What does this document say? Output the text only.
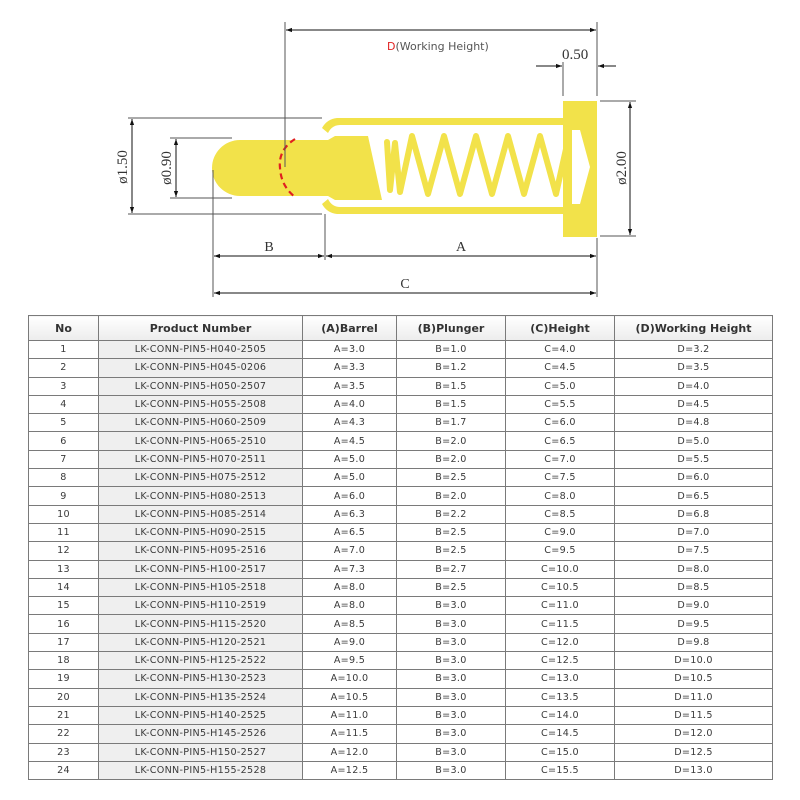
D(Working Height)
0.50
ø1.50 ø0.90	ø2.00
B	A
C
No	Product Number	(A)Barrel	(B)Plunger	(C)Height	(D)Working Height
1	LK-CONN-PIN5-H040-2505	A=3.0	B=1.0	C=4.0	D=3.2
2	LK-CONN-PIN5-H045-0206	A=3.3	B=1.2	C=4.5	D=3.5
3	LK-CONN-PIN5-H050-2507	A=3.5	B=1.5	C=5.0	D=4.0
4	LK-CONN-PIN5-H055-2508	A=4.0	B=1.5	C=5.5	D=4.5
5	LK-CONN-PIN5-H060-2509	A=4.3	B=1.7	C=6.0	D=4.8
6	LK-CONN-PIN5-H065-2510	A=4.5	B=2.0	C=6.5	D=5.0
7	LK-CONN-PIN5-H070-2511	A=5.0	B=2.0	C=7.0	D=5.5
8	LK-CONN-PIN5-H075-2512	A=5.0	B=2.5	C=7.5	D=6.0
9	LK-CONN-PIN5-H080-2513	A=6.0	B=2.0	C=8.0	D=6.5
10	LK-CONN-PIN5-H085-2514	A=6.3	B=2.2	C=8.5	D=6.8
11	LK-CONN-PIN5-H090-2515	A=6.5	B=2.5	C=9.0	D=7.0
12	LK-CONN-PIN5-H095-2516	A=7.0	B=2.5	C=9.5	D=7.5
13	LK-CONN-PIN5-H100-2517	A=7.3	B=2.7	C=10.0	D=8.0
14	LK-CONN-PIN5-H105-2518	A=8.0	B=2.5	C=10.5	D=8.5
15	LK-CONN-PIN5-H110-2519	A=8.0	B=3.0	C=11.0	D=9.0
16	LK-CONN-PIN5-H115-2520	A=8.5	B=3.0	C=11.5	D=9.5
17	LK-CONN-PIN5-H120-2521	A=9.0	B=3.0	C=12.0	D=9.8
18	LK-CONN-PIN5-H125-2522	A=9.5	B=3.0	C=12.5	D=10.0
19	LK-CONN-PIN5-H130-2523	A=10.0	B=3.0	C=13.0	D=10.5
20	LK-CONN-PIN5-H135-2524	A=10.5	B=3.0	C=13.5	D=11.0
21	LK-CONN-PIN5-H140-2525	A=11.0	B=3.0	C=14.0	D=11.5
22	LK-CONN-PIN5-H145-2526	A=11.5	B=3.0	C=14.5	D=12.0
23	LK-CONN-PIN5-H150-2527	A=12.0	B=3.0	C=15.0	D=12.5
24	LK-CONN-PIN5-H155-2528	A=12.5	B=3.0	C=15.5	D=13.0
